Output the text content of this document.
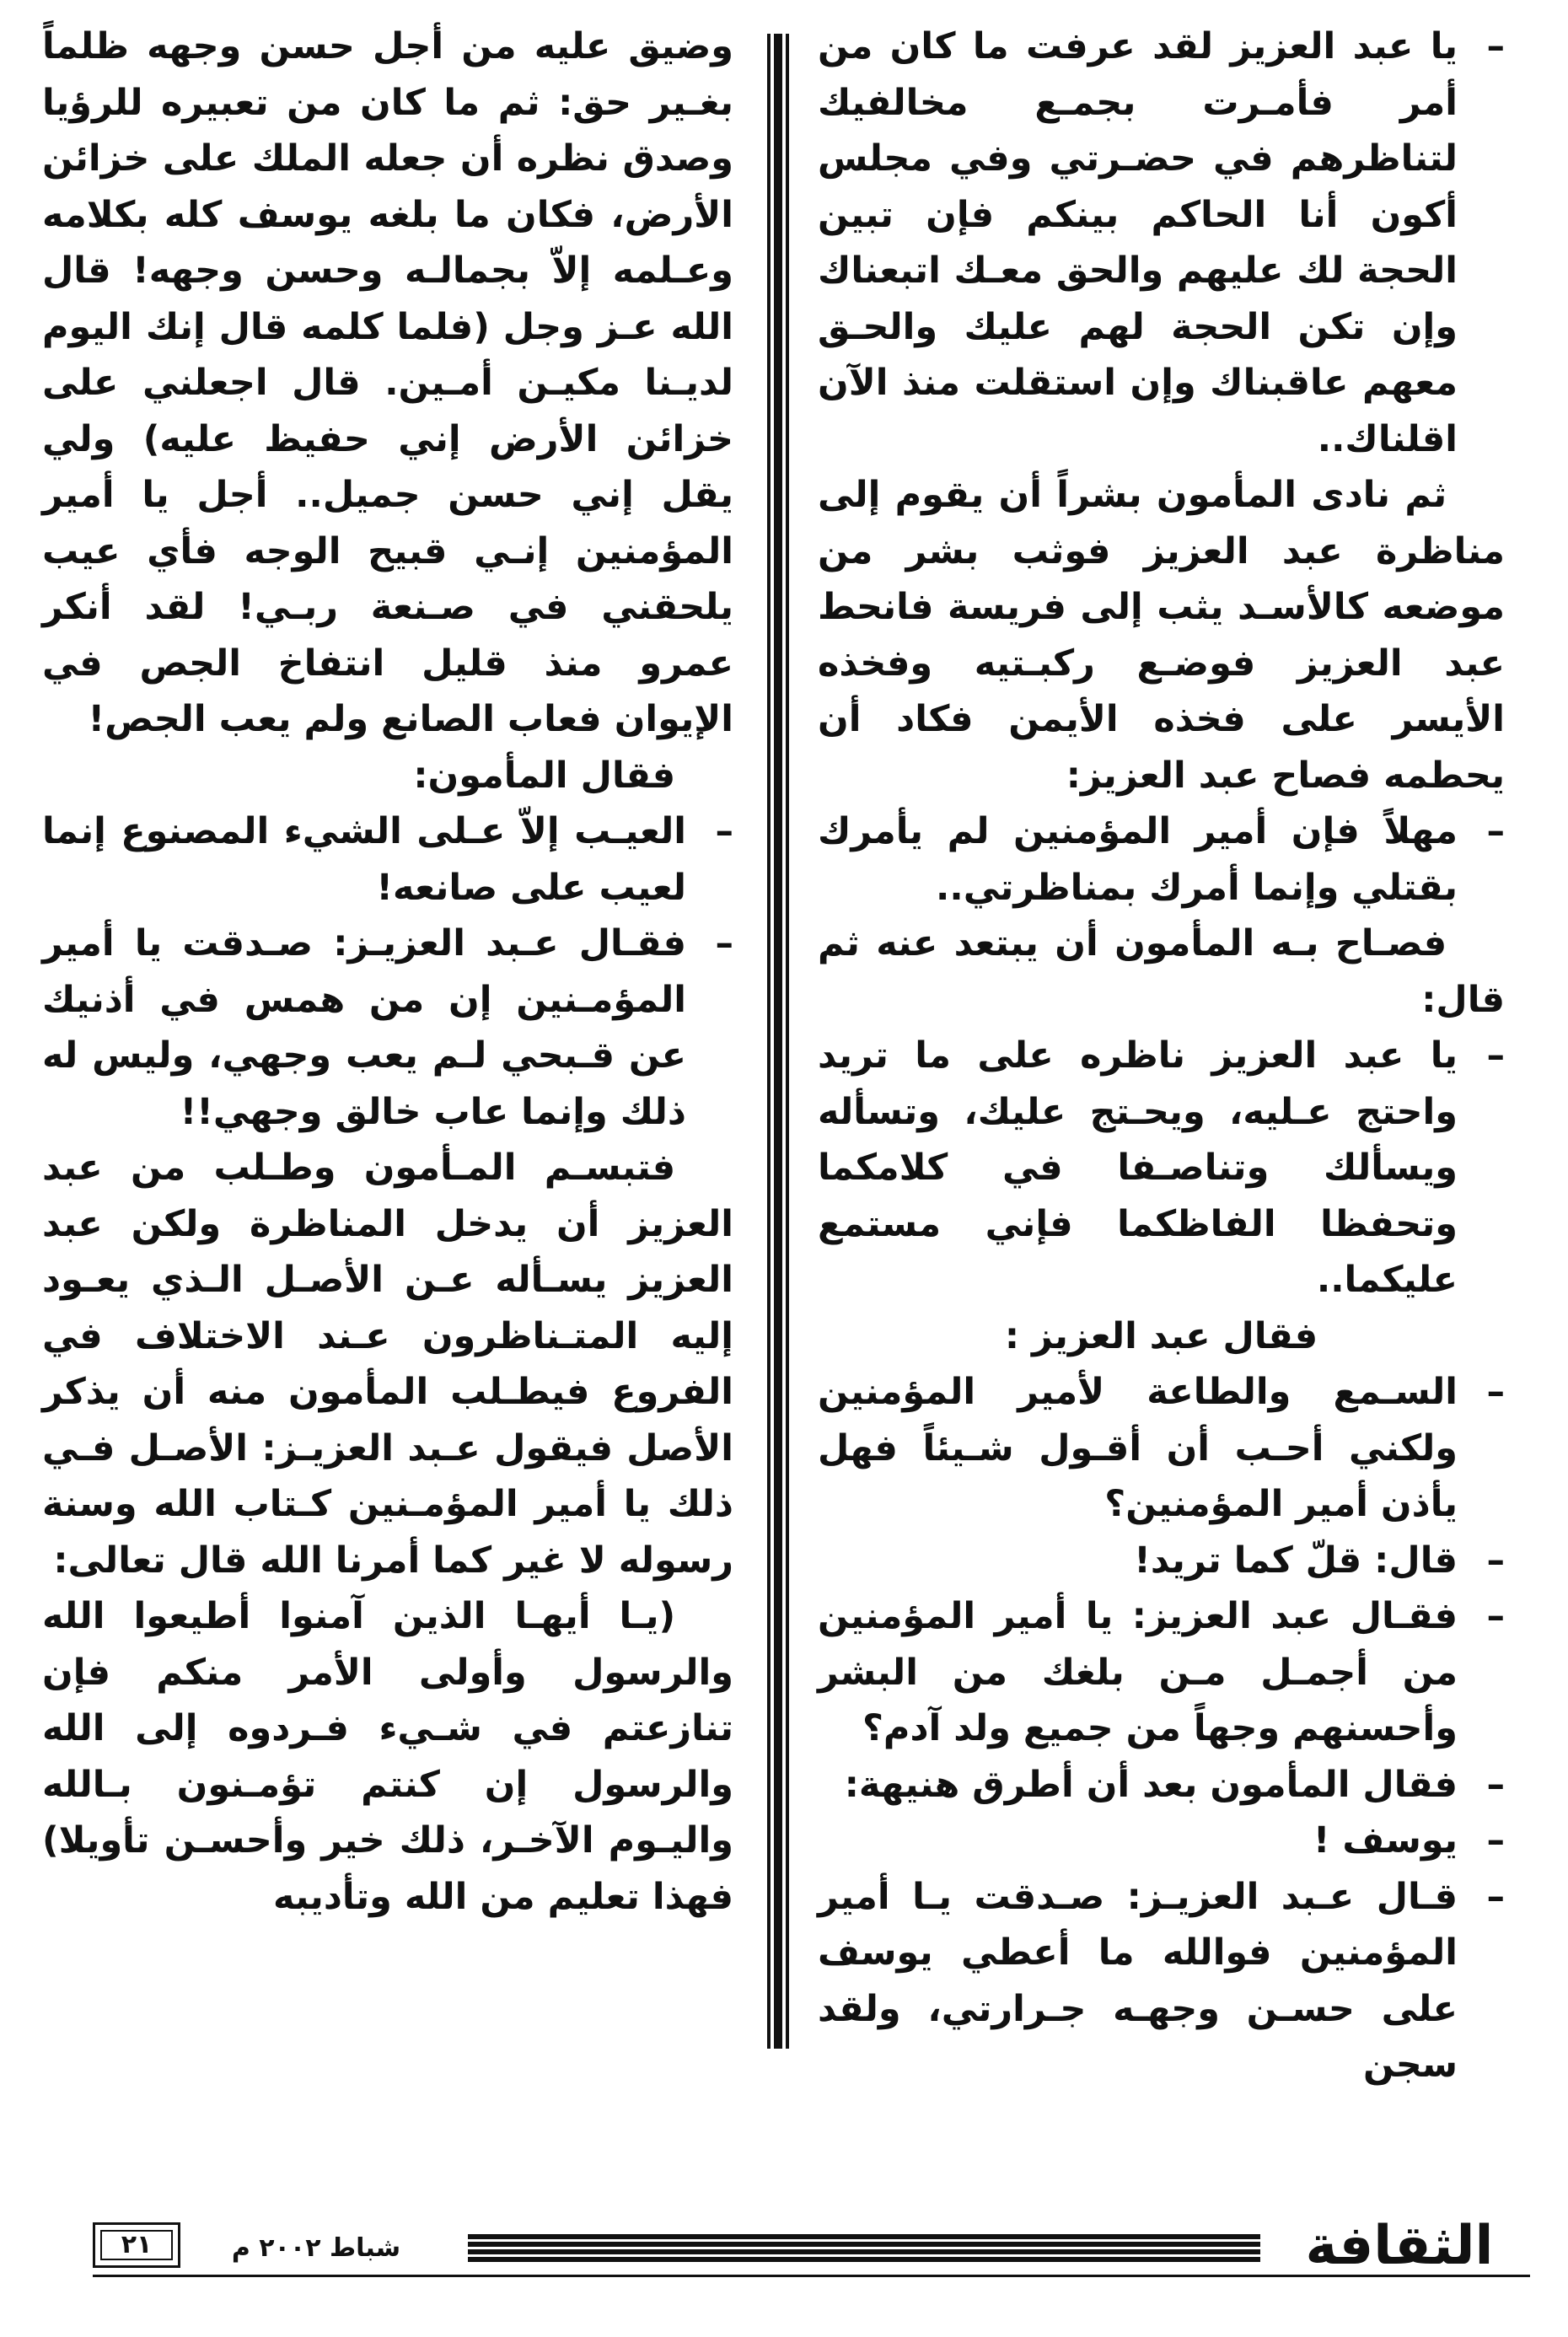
–
يا عبد العزيز لقد عرفت ما كان من أمر فأمـرت بجمـع مخالفيك لتناظرهم في حضـرتي وفي مجلس أكون أنا الحاكم بينكم فإن تبين الحجة لك عليهم والحق معـك اتبعناك وإن تكن الحجة لهم عليك والحـق معهم عاقبناك وإن استقلت منذ الآن اقلناك..

ثم نادى المأمون بشراً أن يقوم إلى مناظرة عبد العزيز فوثب بشر من موضعه كالأسـد يثب إلى فريسة فانحط عبد العزيز فوضـع ركبـتيه وفخذه الأيسر على فخذه الأيمن فكاد أن يحطمه فصاح عبد العزيز:

–
مهلاً فإن أمير المؤمنين لم يأمرك بقتلي وإنما أمرك بمناظرتي..

فصـاح بـه المأمون أن يبتعد عنه ثم قال:

–
يا عبد العزيز ناظره على ما تريد واحتج عـليه، ويحـتج عليك، وتسأله ويسألك وتناصـفا في كلامكما وتحفظا الفاظكما فإني مستمع عليكما..

فقال عبد العزيز :

–
السـمع والطاعة لأمير المؤمنين ولكني أحـب أن أقـول شـيئاً فهل يأذن أمير المؤمنين؟

–
قال: قلّ كما تريد!

–
فقـال عبد العزيز: يا أمير المؤمنين من أجمـل مـن بلغك من البشر وأحسنهم وجهاً من جميع ولد آدم؟

–
فقال المأمون بعد أن أطرق هنيهة:

–
يوسف !

–
قـال عـبد العزيـز: صـدقت يـا أمير المؤمنين فوالله ما أعطي يوسف على حسـن وجهـه جـرارتي، ولقد سجن

وضيق عليه من أجل حسن وجهه ظلماً بغـير حق: ثم ما كان من تعبيره للرؤيا وصدق نظره أن جعله الملك على خزائن الأرض، فكان ما بلغه يوسف كله بكلامه وعـلمه إلاّ بجمالـه وحسن وجهه! قال الله عـز وجل (فلما كلمه قال إنك اليوم لديـنا مكيـن أمـين. قال اجعلني على خزائن الأرض إني حفيظ عليه) ولي يقل إني حسن جميل.. أجل يا أمير المؤمنين إنـي قبيح الوجه فأي عيب يلحقني في صـنعة ربـي! لقد أنكر عمرو منذ قليل انتفاخ الجص في الإيوان فعاب الصانع ولم يعب الجص!

فقال المأمون:

–
العيـب إلاّ عـلى الشيء المصنوع إنما لعيب على صانعه!

–
فقـال عـبد العزيـز: صـدقت يا أمير المؤمـنين إن من همس في أذنيك عن قـبحي لـم يعب وجهي، وليس له ذلك وإنما عاب خالق وجهي!!

فتبسـم المـأمون وطـلب من عبد العزيز أن يدخل المناظرة ولكن عبد العزيز يسـأله عـن الأصـل الـذي يعـود إليه المتـناظرون عـند الاختلاف في الفروع فيطـلب المأمون منه أن يذكر الأصل فيقول عـبد العزيـز: الأصـل فـي ذلك يا أمير المؤمـنين كـتاب الله وسنة رسوله لا غير كما أمرنا الله قال تعالى:

(يـا أيهـا الذين آمنوا أطيعوا الله والرسول وأولى الأمر منكم فإن تنازعتم في شـيء فـردوه إلى الله والرسول إن كنتم تؤمـنون بـالله واليـوم الآخـر، ذلك خير وأحسـن تأويلا) فهذا تعليم من الله وتأديبه

الثقافة
شباط ٢٠٠٢ م
٢١
